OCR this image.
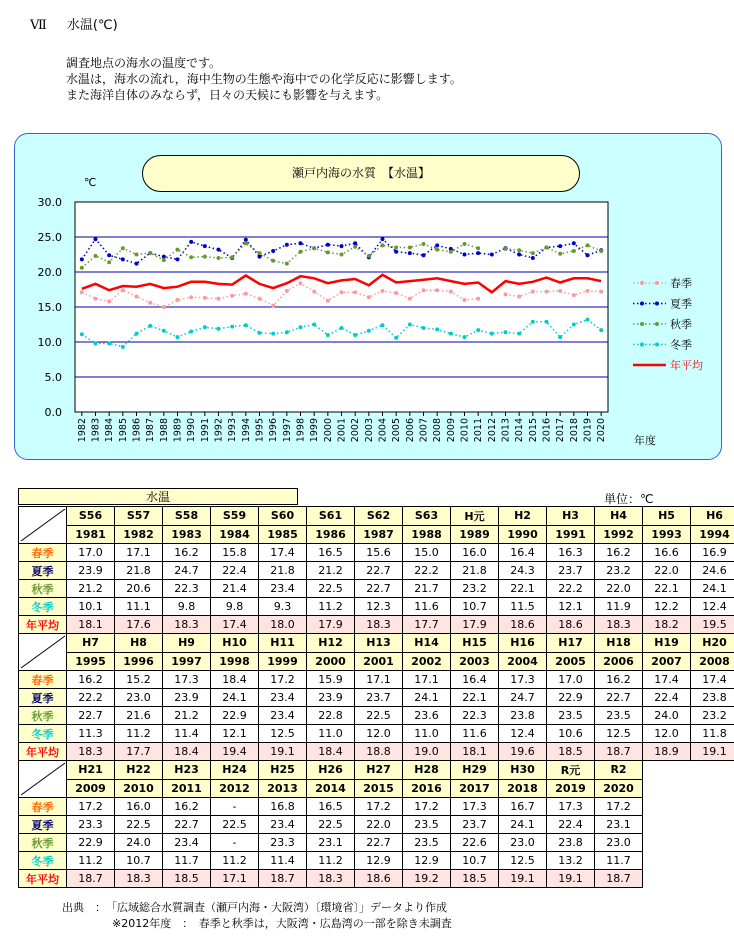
Ⅶ 水温(℃)
調査地点の海水の温度です。
水温は，海水の流れ，海中生物の生態や海中での化学反応に影響します。
また海洋自体のみならず，日々の天候にも影響を与えます。
瀬戸内海の水質　【水温】
0.0
5.0
10.0
15.0
20.0
25.0
30.0
℃
年度
1982 1983 1984 1985 1986 1987 1988 1989 1990 1991 1992 1993 1994 1995 1996 1997 1998 1999 2000 2001 2002 2003 2004 2005 2006 2007 2008 2009 2010 2011 2012 2013 2014 2015 2016 2017 2018 2019 2020
春季
夏季
秋季
冬季
年平均
水温	単位：℃
	S56	S57	S58	S59	S60	S61	S62	S63	H元	H2	H3	H4	H5	H6
	1981	1982	1983	1984	1985	1986	1987	1988	1989	1990	1991	1992	1993	1994
春季	17.0	17.1	16.2	15.8	17.4	16.5	15.6	15.0	16.0	16.4	16.3	16.2	16.6	16.9
夏季	23.9	21.8	24.7	22.4	21.8	21.2	22.7	22.2	21.8	24.3	23.7	23.2	22.0	24.6
秋季	21.2	20.6	22.3	21.4	23.4	22.5	22.7	21.7	23.2	22.1	22.2	22.0	22.1	24.1
冬季	10.1	11.1	9.8	9.8	9.3	11.2	12.3	11.6	10.7	11.5	12.1	11.9	12.2	12.4
年平均	18.1	17.6	18.3	17.4	18.0	17.9	18.3	17.7	17.9	18.6	18.6	18.3	18.2	19.5
	H7	H8	H9	H10	H11	H12	H13	H14	H15	H16	H17	H18	H19	H20
	1995	1996	1997	1998	1999	2000	2001	2002	2003	2004	2005	2006	2007	2008
春季	16.2	15.2	17.3	18.4	17.2	15.9	17.1	17.1	16.4	17.3	17.0	16.2	17.4	17.4
夏季	22.2	23.0	23.9	24.1	23.4	23.9	23.7	24.1	22.1	24.7	22.9	22.7	22.4	23.8
秋季	22.7	21.6	21.2	22.9	23.4	22.8	22.5	23.6	22.3	23.8	23.5	23.5	24.0	23.2
冬季	11.3	11.2	11.4	12.1	12.5	11.0	12.0	11.0	11.6	12.4	10.6	12.5	12.0	11.8
年平均	18.3	17.7	18.4	19.4	19.1	18.4	18.8	19.0	18.1	19.6	18.5	18.7	18.9	19.1
	H21	H22	H23	H24	H25	H26	H27	H28	H29	H30	R元	R2
	2009	2010	2011	2012	2013	2014	2015	2016	2017	2018	2019	2020
春季	17.2	16.0	16.2	-	16.8	16.5	17.2	17.2	17.3	16.7	17.3	17.2
夏季	23.3	22.5	22.7	22.5	23.4	22.5	22.0	23.5	23.7	24.1	22.4	23.1
秋季	22.9	24.0	23.4	-	23.3	23.1	22.7	23.5	22.6	23.0	23.8	23.0
冬季	11.2	10.7	11.7	11.2	11.4	11.2	12.9	12.9	10.7	12.5	13.2	11.7
年平均	18.7	18.3	18.5	17.1	18.7	18.3	18.6	19.2	18.5	19.1	19.1	18.7
出典　：　「広域総合水質調査（瀬戸内海・大阪湾）〔環境省〕」データより作成
※2012年度　：　春季と秋季は，大阪湾・広島湾の一部を除き未調査
